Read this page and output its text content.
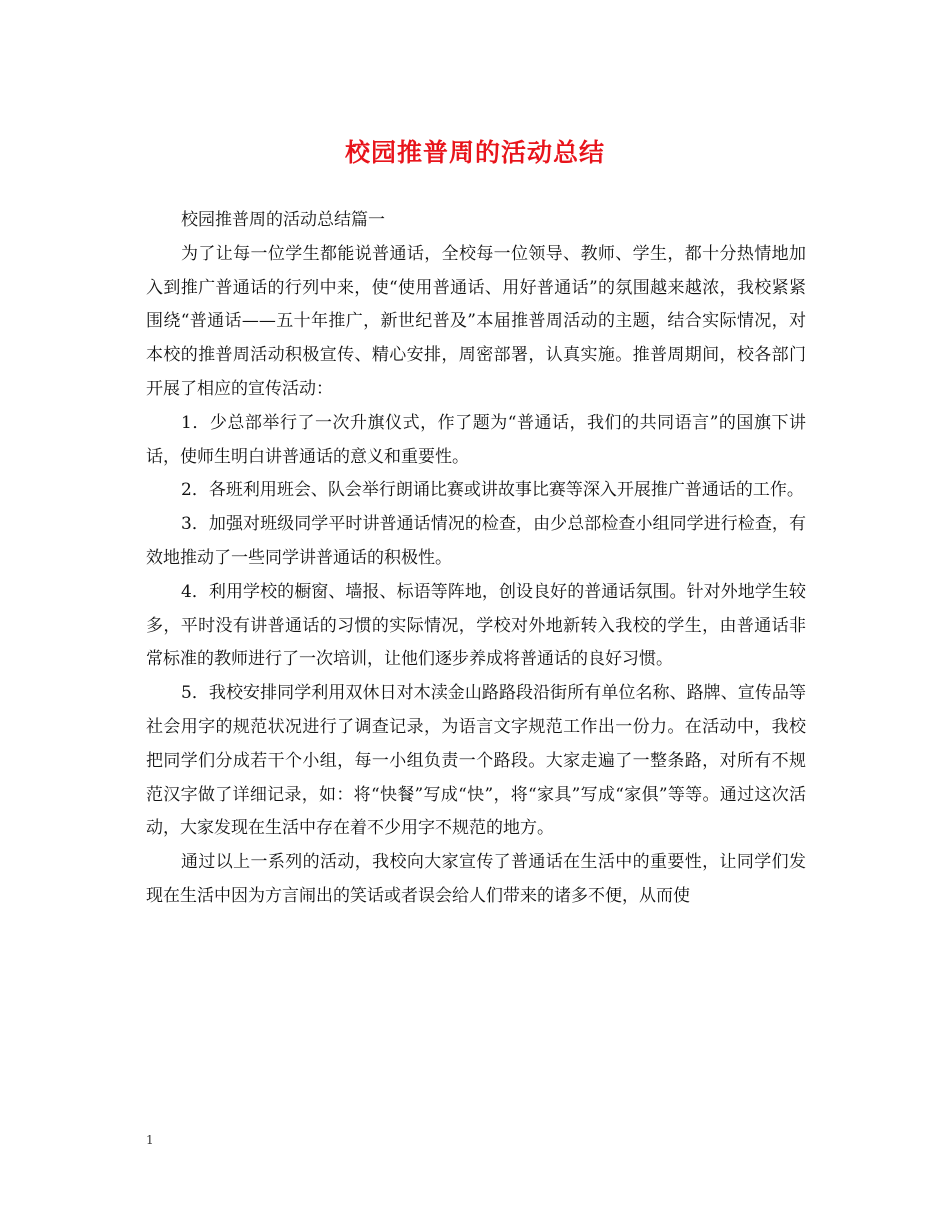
校园推普周的活动总结

校园推普周的活动总结篇一

为了让每一位学生都能说普通话，全校每一位领导、教师、学生，都十分热情地加入到推广普通话的行列中来，使“使用普通话、用好普通话”的氛围越来越浓，我校紧紧围绕“普通话——五十年推广，新世纪普及”本届推普周活动的主题，结合实际情况，对本校的推普周活动积极宣传、精心安排，周密部署，认真实施。推普周期间，校各部门开展了相应的宣传活动：

1．少总部举行了一次升旗仪式，作了题为“普通话，我们的共同语言”的国旗下讲话，使师生明白讲普通话的意义和重要性。

2．各班利用班会、队会举行朗诵比赛或讲故事比赛等深入开展推广普通话的工作。

3．加强对班级同学平时讲普通话情况的检查，由少总部检查小组同学进行检查，有效地推动了一些同学讲普通话的积极性。

4．利用学校的橱窗、墙报、标语等阵地，创设良好的普通话氛围。针对外地学生较多，平时没有讲普通话的习惯的实际情况，学校对外地新转入我校的学生，由普通话非常标准的教师进行了一次培训，让他们逐步养成将普通话的良好习惯。

5．我校安排同学利用双休日对木渎金山路路段沿街所有单位名称、路牌、宣传品等社会用字的规范状况进行了调查记录，为语言文字规范工作出一份力。在活动中，我校把同学们分成若干个小组，每一小组负责一个路段。大家走遍了一整条路，对所有不规范汉字做了详细记录，如：将“快餐”写成“快”，将“家具”写成“家俱”等等。通过这次活动，大家发现在生活中存在着不少用字不规范的地方。

通过以上一系列的活动，我校向大家宣传了普通话在生活中的重要性，让同学们发现在生活中因为方言闹出的笑话或者误会给人们带来的诸多不便，从而使

1
